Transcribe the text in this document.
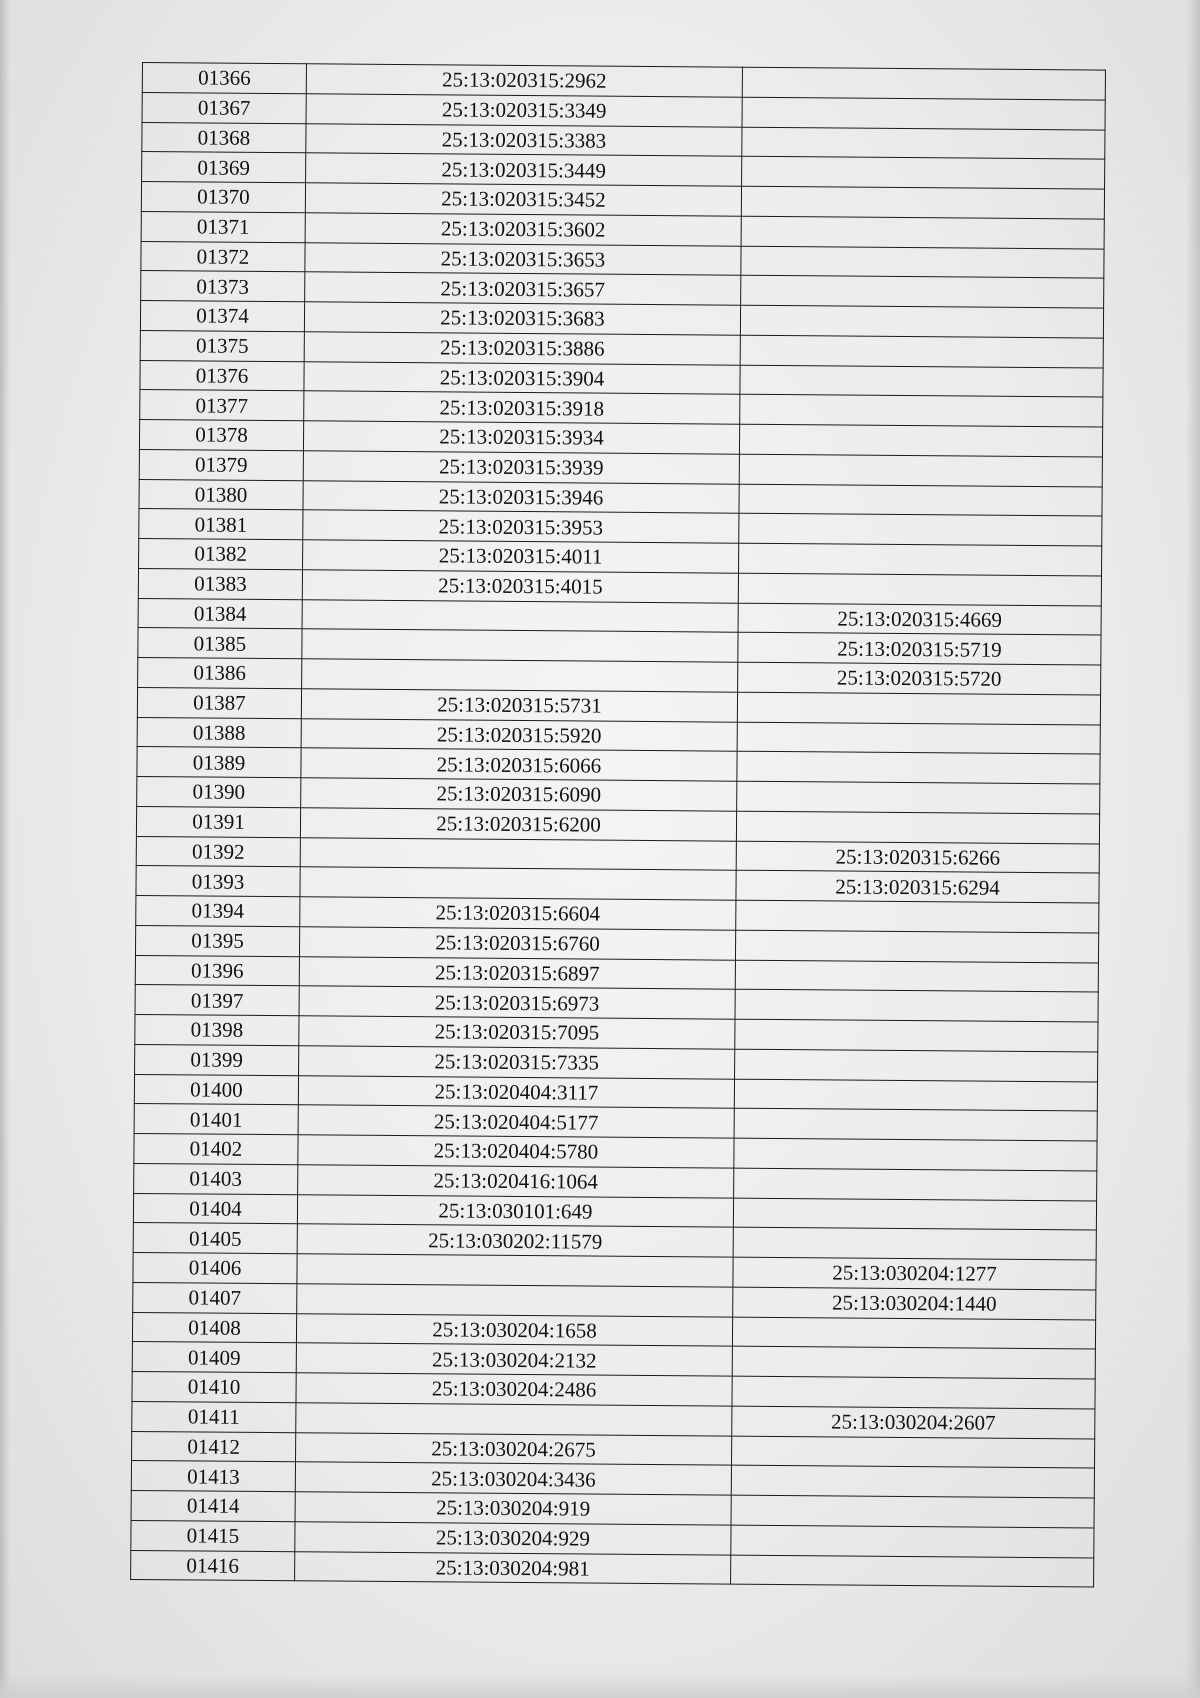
01366	25:13:020315:2962	
01367	25:13:020315:3349	
01368	25:13:020315:3383	
01369	25:13:020315:3449	
01370	25:13:020315:3452	
01371	25:13:020315:3602	
01372	25:13:020315:3653	
01373	25:13:020315:3657	
01374	25:13:020315:3683	
01375	25:13:020315:3886	
01376	25:13:020315:3904	
01377	25:13:020315:3918	
01378	25:13:020315:3934	
01379	25:13:020315:3939	
01380	25:13:020315:3946	
01381	25:13:020315:3953	
01382	25:13:020315:4011	
01383	25:13:020315:4015	
01384		25:13:020315:4669
01385		25:13:020315:5719
01386		25:13:020315:5720
01387	25:13:020315:5731	
01388	25:13:020315:5920	
01389	25:13:020315:6066	
01390	25:13:020315:6090	
01391	25:13:020315:6200	
01392		25:13:020315:6266
01393		25:13:020315:6294
01394	25:13:020315:6604	
01395	25:13:020315:6760	
01396	25:13:020315:6897	
01397	25:13:020315:6973	
01398	25:13:020315:7095	
01399	25:13:020315:7335	
01400	25:13:020404:3117	
01401	25:13:020404:5177	
01402	25:13:020404:5780	
01403	25:13:020416:1064	
01404	25:13:030101:649	
01405	25:13:030202:11579	
01406		25:13:030204:1277
01407		25:13:030204:1440
01408	25:13:030204:1658	
01409	25:13:030204:2132	
01410	25:13:030204:2486	
01411		25:13:030204:2607
01412	25:13:030204:2675	
01413	25:13:030204:3436	
01414	25:13:030204:919	
01415	25:13:030204:929	
01416	25:13:030204:981	
